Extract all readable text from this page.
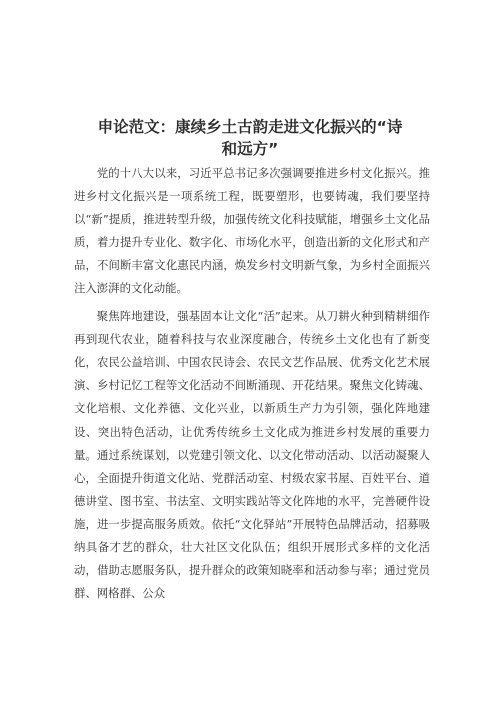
申论范文：康续乡土古韵走进文化振兴的“诗和远方”

党的十八大以来，习近平总书记多次强调要推进乡村文化振兴。推进乡村文化振兴是一项系统工程，既要塑形，也要铸魂，我们要坚持以“新”提质，推进转型升级，加强传统文化科技赋能，增强乡土文化品质，着力提升专业化、数字化、市场化水平，创造出新的文化形式和产品，不间断丰富文化惠民内涵，焕发乡村文明新气象，为乡村全面振兴注入澎湃的文化动能。

聚焦阵地建设，强基固本让文化“活”起来。从刀耕火种到精耕细作再到现代农业，随着科技与农业深度融合，传统乡土文化也有了新变化，农民公益培训、中国农民诗会、农民文艺作品展、优秀文化艺术展演、乡村记忆工程等文化活动不间断涌现、开花结果。聚焦文化铸魂、文化培根、文化养德、文化兴业，以新质生产力为引领，强化阵地建设、突出特色活动，让优秀传统乡土文化成为推进乡村发展的重要力量。通过系统谋划，以党建引领文化、以文化带动活动、以活动凝聚人心，全面提升街道文化站、党群活动室、村级农家书屋、百姓平台、道德讲堂、图书室、书法室、文明实践站等文化阵地的水平，完善硬件设施，进一步提高服务质效。依托“文化驿站”开展特色品牌活动，招募吸纳具备才艺的群众，壮大社区文化队伍；组织开展形式多样的文化活动，借助志愿服务队，提升群众的政策知晓率和活动参与率；通过党员群、网格群、公众
